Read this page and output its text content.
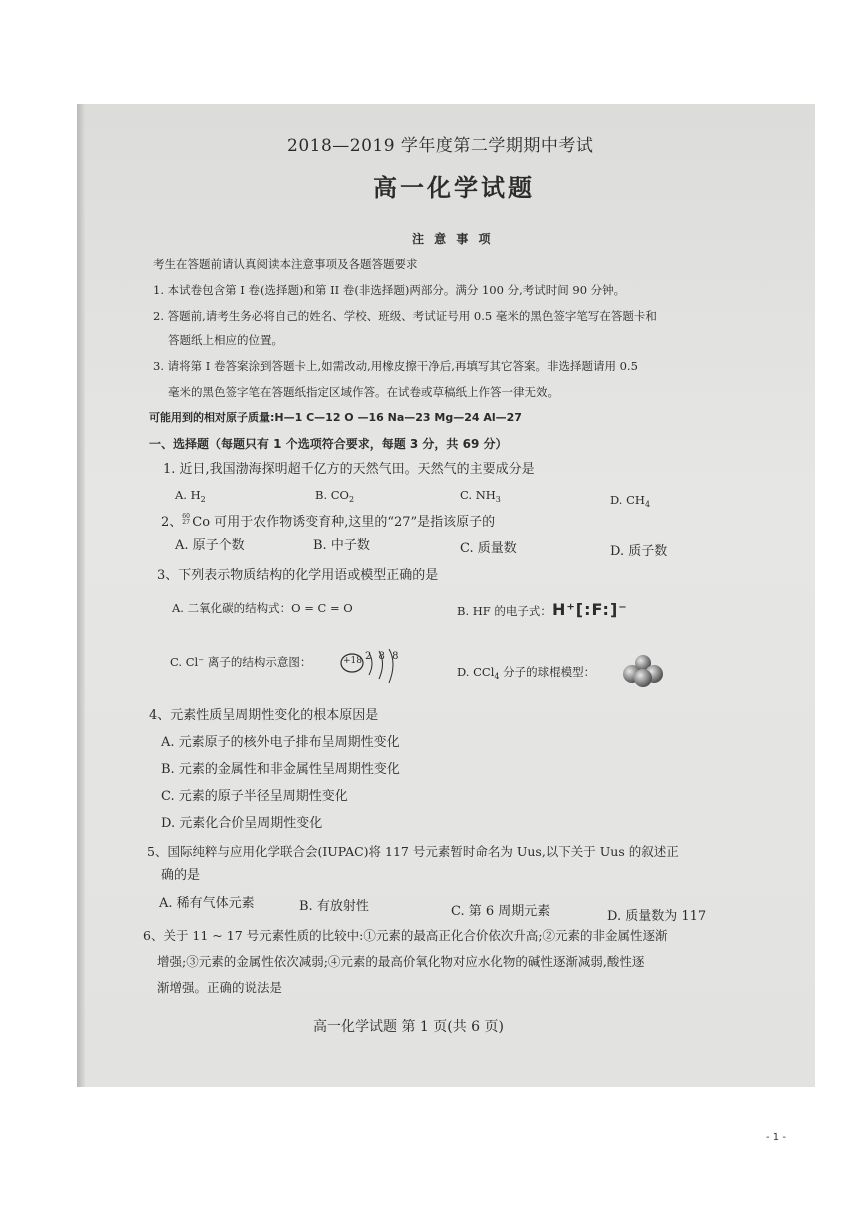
2018—2019 学年度第二学期期中考试
高一化学试题
注 意 事 项
考生在答题前请认真阅读本注意事项及各题答题要求
1. 本试卷包含第 I 卷(选择题)和第 II 卷(非选择题)两部分。满分 100 分,考试时间 90 分钟。
2. 答题前,请考生务必将自己的姓名、学校、班级、考试证号用 0.5 毫米的黑色签字笔写在答题卡和
答题纸上相应的位置。
3. 请将第 I 卷答案涂到答题卡上,如需改动,用橡皮擦干净后,再填写其它答案。非选择题请用 0.5
毫米的黑色签字笔在答题纸指定区域作答。在试卷或草稿纸上作答一律无效。
可能用到的相对原子质量:H—1 C—12 O —16 Na—23 Mg—24 Al—27
一、选择题（每题只有 1 个选项符合要求，每题 3 分，共 69 分）
1. 近日,我国渤海探明超千亿方的天然气田。天然气的主要成分是
A. $H_2$	B. $CO_2$	C. $NH_3$	D. $CH_4$
2、 60
27 Co 可用于农作物诱变育种,这里的“27”是指该原子的
A. 原子个数	B. 中子数	C. 质量数	D. 质子数
3、下列表示物质结构的化学用语或模型正确的是
A. 二氧化碳的结构式：O = C = O	B. HF 的电子式：H⁺[:F:]⁻
C. Cl⁻ 离子的结构示意图：	+18 2 8 8
D. CCl$_4$ 分子的球棍模型：
4、元素性质呈周期性变化的根本原因是
A. 元素原子的核外电子排布呈周期性变化
B. 元素的金属性和非金属性呈周期性变化
C. 元素的原子半径呈周期性变化
D. 元素化合价呈周期性变化
5、国际纯粹与应用化学联合会(IUPAC)将 117 号元素暂时命名为 Uus,以下关于 Uus 的叙述正
确的是
A. 稀有气体元素	B. 有放射性	C. 第 6 周期元素	D. 质量数为 117
6、关于 11 ~ 17 号元素性质的比较中:①元素的最高正化合价依次升高;②元素的非金属性逐渐
增强;③元素的金属性依次减弱;④元素的最高价氧化物对应水化物的碱性逐渐减弱,酸性逐
渐增强。正确的说法是
高一化学试题 第 1 页(共 6 页)
- 1 -
